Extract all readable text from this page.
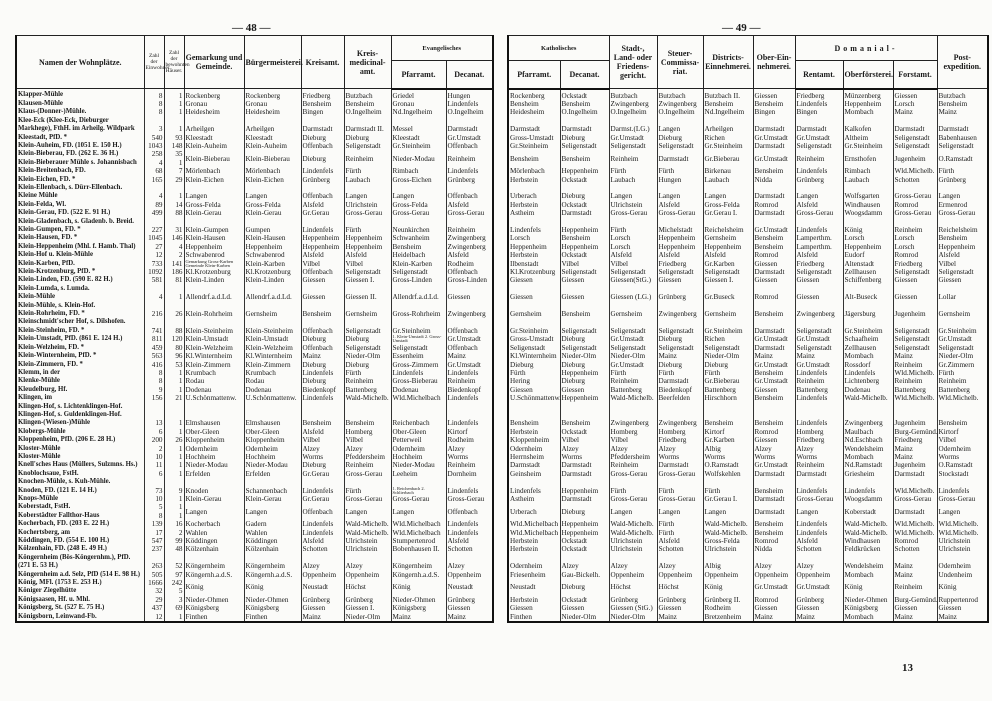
— 48 —	— 49 —
Namen der Wohnplätze.	Zahl der Einwohner.	Zahl der bewohnten Häuser.	Gemarkung und Gemeinde.	Bürgermeisterei.	Kreisamt.	Kreis-medicinal-amt.	Evangelisches			Katholisches		Stadt-, Land- oder Friedens-gericht.	Steuer-Commissa-riat.	Districts-Einnehmerei.	Ober-Ein-nehmerei.	Domanial-			Post-expedition.
							Pfarramt.	Decanat.		Pfarramt.	Decanat.					Rentamt.	Oberförsterei.	Forstamt.	
Klapper-Mühle	8	1	Rockenberg	Rockenberg	Friedberg	Butzbach	Griedel	Hungen		Rockenberg	Ockstadt	Butzbach	Butzbach	Butzbach II.	Giessen	Friedberg	Münzenberg	Giessen	Butzbach
Klausen-Mühle	8	1	Gronau	Gronau	Bensheim	Bensheim	Gronau	Lindenfels		Bensheim	Bensheim	Zwingenberg	Zwingenberg	Bensheim	Bensheim	Lindenfels	Heppenheim	Lorsch	Bensheim
Klaus-(Donner-)Mühle.	8	1	Heidesheim	Heidesheim	Bingen	O.Ingelheim	Nd.Ingelheim	O.Ingelheim		Heidesheim	O.Ingelheim	O.Ingelheim	O.Ingelheim	Nd.Ingelheim	Bingen	Bingen	Mombach	Mainz	Mainz
Klee-Eck (Klee-Eck, Dieburger Markhege), FthH. im Arheilg. Wildpark	3	1	Arheilgen	Arheilgen	Darmstadt	Darmstadt II.	Messel	Darmstadt		Darmstadt	Darmstadt	Darmst.(LG.)	Langen	Arheilgen	Darmstadt	Darmstadt	Kalkofen	Darmstadt	Darmstadt
Kleestadt, PfD. *	540	93	Kleestadt	Kleestadt	Dieburg	Dieburg	Kleestadt	Gr.Umstadt		Gross-Umstadt	Dieburg	Gr.Umstadt	Dieburg	Richen	Gr.Umstadt	Gr.Umstadt	Altheim	Seligenstadt	Babenhausen
Klein-Auheim, FD. (1051 E. 150 H.)	1043	148	Klein-Auheim	Klein-Auheim	Offenbach	Seligenstadt	Gr.Steinheim	Offenbach		Gr.Steinheim	Seligenstadt	Seligenstadt	Seligenstadt	Gr.Steinheim	Darmstadt	Seligenstadt	Gr.Steinheim	Seligenstadt	Seligenstadt
Klein-Bieberau, FD. (262 E. 36 H.)	258	35	Klein-Bieberau	Klein-Bieberau	Dieburg	Reinheim	Nieder-Modau	Reinheim		Bensheim	Bensheim	Reinheim	Darmstadt	Gr.Bieberau	Gr.Umstadt	Reinheim	Ernsthofen	Jugenheim	O.Ramstadt
Klein-Bieberauer Mühle s. Johannisbach	4	1																	
Klein-Breitenbach, FD.	68	7	Mörlenbach	Mörlenbach	Lindenfels	Fürth	Rimbach	Lindenfels		Mörlenbach	Heppenheim	Fürth	Fürth	Birkenau	Bensheim	Lindenfels	Rimbach	Wld.Michelb.	Fürth
Klein-Eichen, FD. *	165	29	Klein-Eichen	Klein-Eichen	Grünberg	Laubach	Gross-Eichen	Grünberg		Herbstein	Ockstadt	Laubach	Hungen	Laubach	Nidda	Grünberg	Laubach	Schotten	Grünberg
Klein-Ellenbach, s. Dürr-Ellenbach.																			
Kleine Mühle	4	1	Langen	Langen	Offenbach	Langen	Langen	Offenbach		Urberach	Dieburg	Langen	Langen	Langen	Darmstadt	Langen	Wolfsgarten	Gross-Gerau	Langen
Klein-Felda, Wl.	89	14	Gross-Felda	Gross-Felda	Alsfeld	Ulrichstein	Gross-Felda	Alsfeld		Herbstein	Ockstadt	Ulrichstein	Alsfeld	Gross-Felda	Romrod	Alsfeld	Windhausen	Romrod	Ermenrod
Klein-Gerau, FD. (522 E. 91 H.)	499	88	Klein-Gerau	Klein-Gerau	Gr.Gerau	Gross-Gerau	Gross-Gerau	Gross-Gerau		Astheim	Darmstadt	Gross-Gerau	Gross-Gerau	Gr.Gerau I.	Darmstadt	Gross-Gerau	Woogsdamm	Gross-Gerau	Gross-Gerau
Klein-Gladenbach, s. Gladenb. b. Breid.																			
Klein-Gumpen, FD. *	227	31	Klein-Gumpen	Gumpen	Lindenfels	Fürth	Neunkirchen	Reinheim		Lindenfels	Heppenheim	Fürth	Michelstadt	Reichelsheim	Gr.Umstadt	Lindenfels	König	Reinheim	Reichelsheim
Klein-Hausen, FD. *	1045	146	Klein-Hausen	Klein-Hausen	Heppenheim	Heppenheim	Schwanheim	Zwingenberg		Lorsch	Bensheim	Lorsch	Heppenheim	Gernsheim	Bensheim	Lamperthm.	Lorsch	Lorsch	Bensheim
Klein-Heppenheim (Mhl. f. Hamb. Thal)	27	4	Heppenheim	Heppenheim	Heppenheim	Heppenheim	Bensheim	Zwingenberg		Heppenheim	Heppenheim	Lorsch	Heppenheim	Heppenheim	Bensheim	Lamperthm.	Heppenheim	Lorsch	Heppenheim
Klein-Hof u. Klein-Mühle	12	2	Schwabenrod	Schwabenrod	Alsfeld	Alsfeld	Heidelbach	Alsfeld		Herbstein	Ockstadt	Alsfeld	Alsfeld	Alsfeld	Romrod	Alsfeld	Eudorf	Romrod	Alsfeld
Klein-Karben, PfD.	733	141	Gemarkung Gross-Karben Gemeinde Klein-Karben	Klein-Karben	Vilbel	Vilbel	Klein-Karben	Rodheim		Ilbenstadt	Vilbel	Vilbel	Friedberg	Gr.Karben	Giessen	Friedberg	Altenstadt	Friedberg	Vilbel
Klein-Krotzenburg, PfD. *	1092	186	Kl.Krotzenburg	Kl.Krotzenburg	Offenbach	Seligenstadt	Seligenstadt	Offenbach		Kl.Krotzenburg	Seligenstadt	Seligenstadt	Seligenstadt	Seligenstadt	Darmstadt	Seligenstadt	Zellhausen	Seligenstadt	Seligenstadt
Klein-Linden, FD. (590 E. 82 H.)	581	81	Klein-Linden	Klein-Linden	Giessen	Giessen I.	Gross-Linden	Gross-Linden		Giessen	Giessen	Giessen(StG.)	Giessen	Giessen I.	Giessen	Giessen	Schiffenberg	Giessen	Giessen
Klein-Lumda, s. Lumda.																			
Klein-Mühle	4	1	Allendrf.a.d.Ld.	Allendrf.a.d.Ld.	Giessen	Giessen II.	Allendrf.a.d.Ld.	Giessen		Giessen	Giessen	Giessen (LG.)	Grünberg	Gr.Buseck	Romrod	Giessen	Alt-Buseck	Giessen	Lollar
Klein-Mühle, s. Klein-Hof.																			
Klein-Rohrheim, FD. *	216	26	Klein-Rohrheim	Gernsheim	Bensheim	Gernsheim	Gross-Rohrheim	Zwingenberg		Gernsheim	Bensheim	Gernsheim	Zwingenberg	Gernsheim	Bensheim	Zwingenberg	Jägersburg	Jugenheim	Gernsheim
Kleinschmidt'scher Hof, s. Dilshofen.																			
Klein-Steinheim, FD. *	741	88	Klein-Steinheim	Klein-Steinheim	Offenbach	Seligenstadt	Gr.Steinheim	Offenbach		Gr.Steinheim	Seligenstadt	Seligenstadt	Seligenstadt	Gr.Steinheim	Darmstadt	Seligenstadt	Gr.Steinheim	Seligenstadt	Gr.Steinheim
Klein-Umstadt, PfD. (861 E. 124 H.)	811	120	Klein-Umstadt	Klein-Umstadt	Dieburg	Dieburg	1. Klein-Umstadt 2. Gross-Umstadt	Gr.Umstadt		Gross-Umstadt	Dieburg	Gr.Umstadt	Dieburg	Richen	Gr.Umstadt	Gr.Umstadt	Schaafheim	Seligenstadt	Gr.Umstadt
Klein-Welzheim, FD. *	459	80	Klein-Welzheim	Klein-Welzheim	Offenbach	Seligenstadt	Seligenstadt	Offenbach		Seligenstadt	Seligenstadt	Seligenstadt	Seligenstadt	Seligenstadt	Darmstadt	Seligenstadt	Zellhausen	Seligenstadt	Seligenstadt
Klein-Winternheim, PfD. *	563	96	Kl.Winternheim	Kl.Winternheim	Mainz	Nieder-Olm	Essenheim	Mainz		Kl.Winternheim	Nieder-Olm	Nieder-Olm	Mainz	Nieder-Olm	Mainz	Mainz	Mombach	Mainz	Nieder-Olm
Klein-Zimmern, FD. *	416	53	Klein-Zimmern	Klein-Zimmern	Dieburg	Dieburg	Gross-Zimmern	Gr.Umstadt		Dieburg	Dieburg	Gr.Umstadt	Dieburg	Dieburg	Gr.Umstadt	Gr.Umstadt	Rossdorf	Reinheim	Gr.Zimmern
Klemm, in der	8	1	Krumbach	Krumbach	Lindenfels	Fürth	Lindenfels	Lindenfels		Fürth	Heppenheim	Fürth	Fürth	Fürth	Bensheim	Lindenfels	Lindenfels	Wld.Michelb.	Fürth
Klenke-Mühle	8	1	Rodau	Rodau	Dieburg	Reinheim	Gross-Bieberau	Reinheim		Hering	Dieburg	Reinheim	Darmstadt	Gr.Bieberau	Gr.Umstadt	Reinheim	Lichtenberg	Reinheim	Reinheim
Kleudelburg, Hf.	9	1	Dodenau	Dodenau	Biedenkopf	Battenberg	Dodenau	Biedenkopf		Giessen	Giessen	Battenberg	Biedenkopf	Battenberg	Giessen	Battenberg	Dodenau	Battenberg	Battenberg
Klingen, im	156	21	U.Schönmattenw.	U.Schönmattenw.	Lindenfels	Wald-Michelb.	Wld.Michelbach	Lindenfels		U.Schönmattenw.	Heppenheim	Wald-Michelb.	Beerfelden	Hirschhorn	Bensheim	Lindenfels	Wald-Michelb.	Wld.Michelb.	Wld.Michelb.
Klingen-Hof, s. Lichtenklingen-Hof.																			
Klingen-Hof, s. Guldenklingen-Hof.																			
Klingen-(Wiesen-)Mühle	13	1	Elmshausen	Elmshausen	Bensheim	Bensheim	Reichenbach	Lindenfels		Bensheim	Bensheim	Zwingenberg	Zwingenberg	Bensheim	Bensheim	Lindenfels	Zwingenberg	Jugenheim	Bensheim
Klobergs-Mühle	6	1	Ober-Gleen	Ober-Gleen	Alsfeld	Homberg	Ober-Gleen	Kirtorf		Herbstein	Ockstadt	Homberg	Homberg	Kirtorf	Romrod	Homberg	Maulbach	Burg-Gemünd.	Kirtorf
Kloppenheim, PfD. (206 E. 28 H.)	200	26	Kloppenheim	Kloppenheim	Vilbel	Vilbel	Petterweil	Rodheim		Kloppenheim	Vilbel	Vilbel	Friedberg	Gr.Karben	Giessen	Friedberg	Nd.Eschbach	Friedberg	Vilbel
Kloster-Mühle	2	1	Odernheim	Odernheim	Alzey	Alzey	Odernheim	Alzey		Odernheim	Alzey	Alzey	Alzey	Albig	Alzey	Alzey	Wendelsheim	Mainz	Odernheim
Kloster-Mühle	10	1	Hochheim	Hochheim	Worms	Pfeddersheim	Hochheim	Worms		Herrnsheim	Worms	Pfeddersheim	Worms	Worms	Worms	Worms	Mombach	Mainz	Worms
Knell'sches Haus (Müllers, Sulzmns. Hs.)	11	1	Nieder-Modau	Nieder-Modau	Dieburg	Reinheim	Nieder-Modau	Reinheim		Darmstadt	Darmstadt	Reinheim	Darmstadt	O.Ramstadt	Gr.Umstadt	Reinheim	Nd.Ramstadt	Jugenheim	O.Ramstadt
Knoblochsaue, FstH.	6	1	Erfelden	Erfelden	Gr.Gerau	Gross-Gerau	Leeheim	Dornheim		Geinsheim	Darmstadt	Gross-Gerau	Gross-Gerau	Wolfskehlen	Darmstadt	Darmstadt	Griesheim	Darmstadt	Stockstadt
Knochen-Mühle, s. Kuh-Mühle.																			
Knoden, FD. (121 E. 14 H.)	73	9	Knoden	Schannenbach	Lindenfels	Fürth	1. Reichenbach 2. Schlierbach	Lindenfels		Lindenfels	Heppenheim	Fürth	Fürth	Fürth	Bensheim	Lindenfels	Lindenfels	Wld.Michelb.	Lindenfels
Knops-Mühle	10	1	Klein-Gerau	Klein-Gerau	Gr.Gerau	Gross-Gerau	Gross-Gerau	Gross-Gerau		Astheim	Darmstadt	Gross-Gerau	Gross-Gerau	Gr.Gerau I.	Darmstadt	Gross-Gerau	Woogsdamm	Gross-Gerau	Gross-Gerau
Koberstadt, FstH.	5	1	Langen	Langen	Offenbach	Langen	Langen	Offenbach		Urberach	Dieburg	Langen	Langen	Langen	Darmstadt	Langen	Koberstadt	Darmstadt	Langen
Koberstädter Fallthor-Haus	8	1																	
Kocherbach, FD. (203 E. 22 H.)	139	16	Kocherbach	Gadern	Lindenfels	Wald-Michelb.	Wld.Michelbach	Lindenfels		Wld.Michelbach	Heppenheim	Wald-Michelb.	Fürth	Wald-Michelb.	Bensheim	Lindenfels	Wald-Michelb.	Wld.Michelb.	Wld.Michelb.
Kochertsberg, am	17	2	Wahlen	Wahlen	Lindenfels	Wald-Michelb.	Wld.Michelbach	Lindenfels		Wld.Michelbach	Heppenheim	Wald-Michelb.	Fürth	Wald-Michelb.	Bensheim	Lindenfels	Wald-Michelb.	Wld.Michelb.	Wld.Michelb.
Köddingen, FD. (554 E. 100 H.)	547	99	Köddingen	Köddingen	Alsfeld	Ulrichstein	Stumpertenrod	Alsfeld		Herbstein	Ockstadt	Ulrichstein	Alsfeld	Gross-Felda	Romrod	Alsfeld	Windhausen	Romrod	Ulrichstein
Kölzenhain, FD. (248 E. 49 H.)	237	48	Kölzenhain	Kölzenhain	Schotten	Ulrichstein	Bobenhausen II.	Schotten		Herbstein	Ockstadt	Ulrichstein	Schotten	Ulrichstein	Nidda	Schotten	Feldkrücken	Schotten	Ulrichstein
Köngernheim (Bös-Köngernhm.), PfD. (271 E. 53 H.)	263	52	Köngernheim	Köngernheim	Alzey	Alzey	Köngernheim	Alzey		Odernheim	Alzey	Alzey	Alzey	Albig	Alzey	Alzey	Wendelsheim	Mainz	Odernheim
Köngernheim a.d. Selz, PfD (514 E. 98 H.)	505	97	Köngernh.a.d.S.	Köngernh.a.d.S.	Oppenheim	Oppenheim	Köngernh.a.d.S.	Oppenheim		Friesenheim	Gau-Bickelh.	Oppenheim	Oppenheim	Oppenheim	Oppenheim	Oppenheim	Mombach	Mainz	Undenheim
König, MFl. (1753 E. 253 H.)	1666	242	König	König	Neustadt	Höchst	König	Neustadt		Neustadt	Dieburg	Höchst	Höchst	König	Gr.Umstadt	Gr.Umstadt	König	Reinheim	König
Königer Ziegelhütte	32	5																	
Königsaasen, Hf. u. Mhl.	29	3	Nieder-Ohmen	Nieder-Ohmen	Grünberg	Grünberg	Nieder-Ohmen	Grünberg		Herbstein	Ockstadt	Grünberg	Grünberg	Grünberg II.	Romrod	Grünberg	Nieder-Ohmen	Burg-Gemünd.	Ruppertenrod
Königsberg, St. (527 E. 75 H.)	437	69	Königsberg	Königsberg	Giessen	Giessen I.	Königsberg	Giessen		Giessen	Giessen	Giessen (StG.)	Giessen	Rodheim	Giessen	Giessen	Königsberg	Giessen	Giessen
Königsborn, Leinwand-Fb.	12	1	Finthen	Finthen	Mainz	Nieder-Olm	Mainz	Mainz		Finthen	Nieder-Olm	Nieder-Olm	Mainz	Bretzenheim	Mainz	Mainz	Mombach	Mainz	Mainz
13
